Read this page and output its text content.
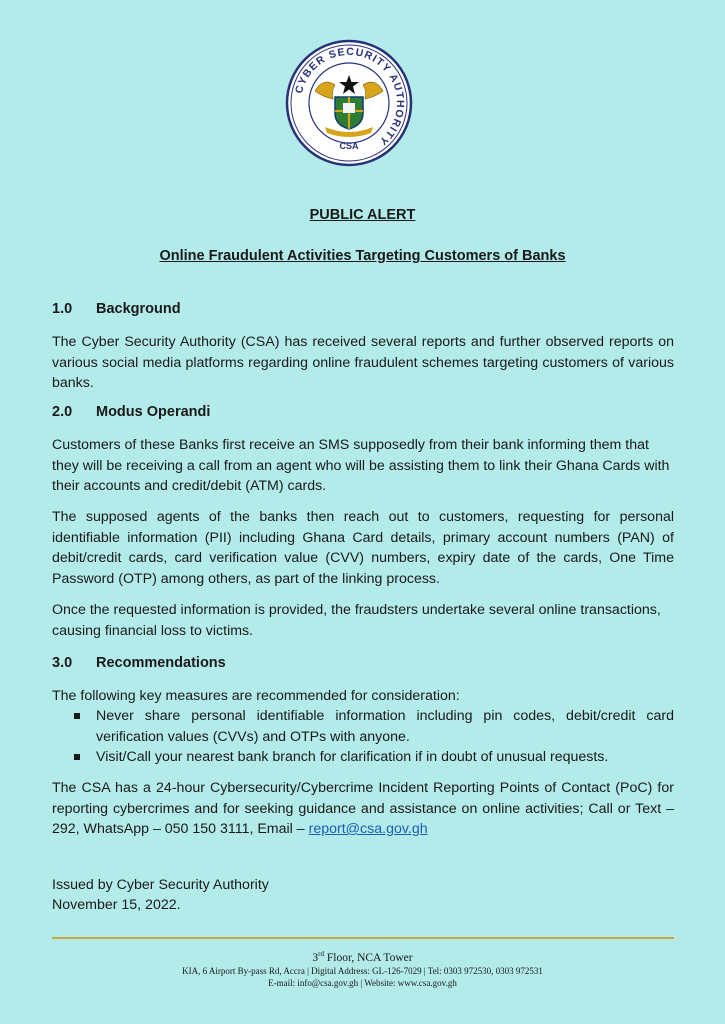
CYBER SECURITY AUTHORITY
CSA
PUBLIC ALERT
Online Fraudulent Activities Targeting Customers of Banks
1.0 Background

The Cyber Security Authority (CSA) has received several reports and further observed reports on various social media platforms regarding online fraudulent schemes targeting customers of various banks.

2.0 Modus Operandi

Customers of these Banks first receive an SMS supposedly from their bank informing them that they will be receiving a call from an agent who will be assisting them to link their Ghana Cards with their accounts and credit/debit (ATM) cards.

The supposed agents of the banks then reach out to customers, requesting for personal identifiable information (PII) including Ghana Card details, primary account numbers (PAN) of debit/credit cards, card verification value (CVV) numbers, expiry date of the cards, One Time Password (OTP) among others, as part of the linking process.

Once the requested information is provided, the fraudsters undertake several online transactions, causing financial loss to victims.

3.0 Recommendations

The following key measures are recommended for consideration:

Never share personal identifiable information including pin codes, debit/credit card verification values (CVVs) and OTPs with anyone.
Visit/Call your nearest bank branch for clarification if in doubt of unusual requests.

The CSA has a 24-hour Cybersecurity/Cybercrime Incident Reporting Points of Contact (PoC) for reporting cybercrimes and for seeking guidance and assistance on online activities; Call or Text – 292, WhatsApp – 050 150 3111, Email – report@csa.gov.gh

Issued by Cyber Security Authority

November 15, 2022.

3rd Floor, NCA Tower
KIA, 6 Airport By-pass Rd, Accra | Digital Address: GL-126-7029 | Tel: 0303 972530, 0303 972531
E-mail: info@csa.gov.gh | Website: www.csa.gov.gh
